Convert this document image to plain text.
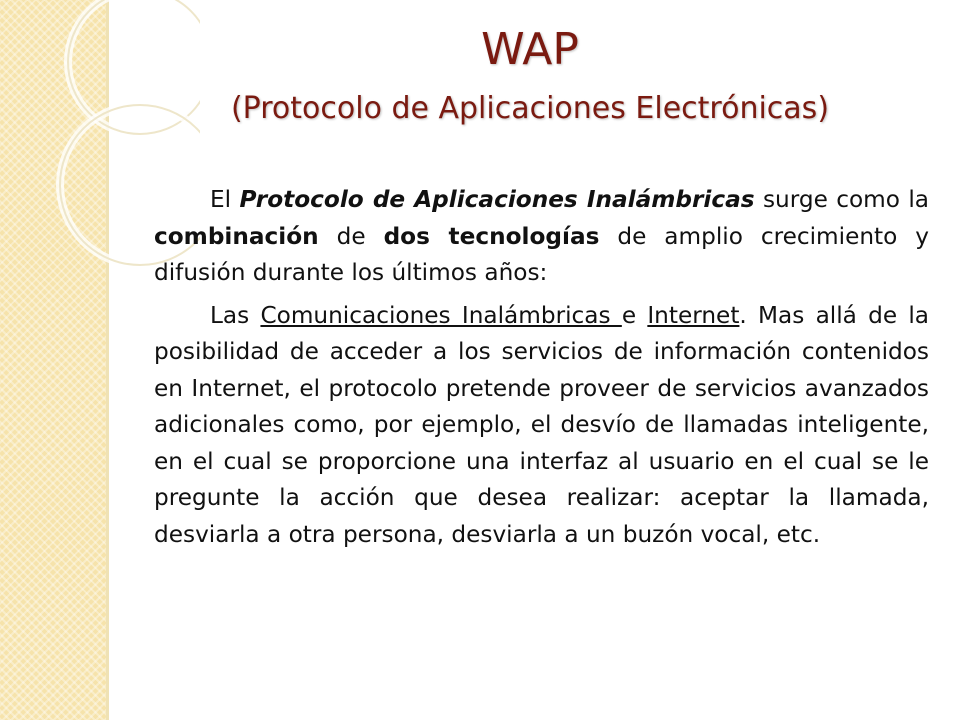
WAP
(Protocolo de Aplicaciones Electrónicas)

El Protocolo de Aplicaciones Inalámbricas surge como la combinación de dos tecnologías de amplio crecimiento y difusión durante los últimos años:

Las Comunicaciones Inalámbricas e Internet. Mas allá de la posibilidad de acceder a los servicios de información contenidos en Internet, el protocolo pretende proveer de servicios avanzados adicionales como, por ejemplo, el desvío de llamadas inteligente, en el cual se proporcione una interfaz al usuario en el cual se le pregunte la acción que desea realizar: aceptar la llamada, desviarla a otra persona, desviarla a un buzón vocal, etc.
